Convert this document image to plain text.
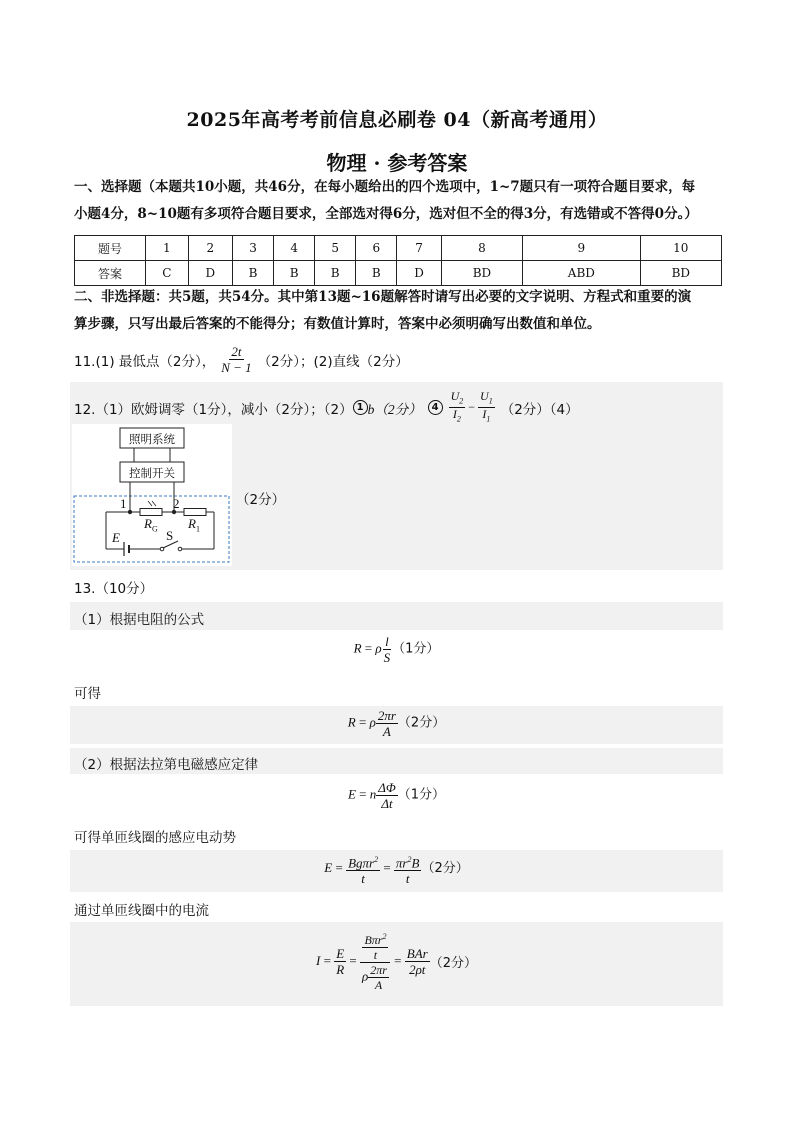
2025年高考考前信息必刷卷 04（新高考通用）
物理 · 参考答案
一、选择题（本题共10小题，共46分，在每小题给出的四个选项中，1~7题只有一项符合题目要求，每
小题4分，8~10题有多项符合题目要求，全部选对得6分，选对但不全的得3分，有选错或不答得0分。）
题号	1	2	3	4	5	6	7	8	9	10
答案	C	D	B	B	B	B	D	BD	ABD	BD
二、非选择题：共5题，共54分。其中第13题~16题解答时请写出必要的文字说明、方程式和重要的演
算步骤，只写出最后答案的不能得分；有数值计算时，答案中必须明确写出数值和单位。
11.(1) 最低点（2分）， $\frac{2t}{N - 1} (2$分）；(2)直线（2分）
12.（1）欧姆调零（1分），减小（2分）；（2） 1 b（2分）	$4 \frac{U_2}{I_2} - \frac{U_1}{I_1} (2$分）（4）
照明系统
控制开关
1	2
$R_G$ $R_1$
S
E
（2分）
13.（10分）
（1）根据电阻的公式
R = ρ $\frac{l}{S} (1$分）
可得
R = ρ $\frac{2\pi r}{A} (2$分）
（2）根据法拉第电磁感应定律
E = n $\frac{\Delta\Phi}{\Delta t} (1$分）
可得单匝线圈的感应电动势
$E = \frac{Bg\pi r^2}{t} = \frac{\pi r^2B}{t} (2$分）
通过单匝线圈中的电流
$I = \frac{E}{R} = \frac{\frac{B\pi r^2}{t}}{\rho \frac{2\pi r}{A}} = \frac{\text{BAr}}{2\rho t} (2$分）
